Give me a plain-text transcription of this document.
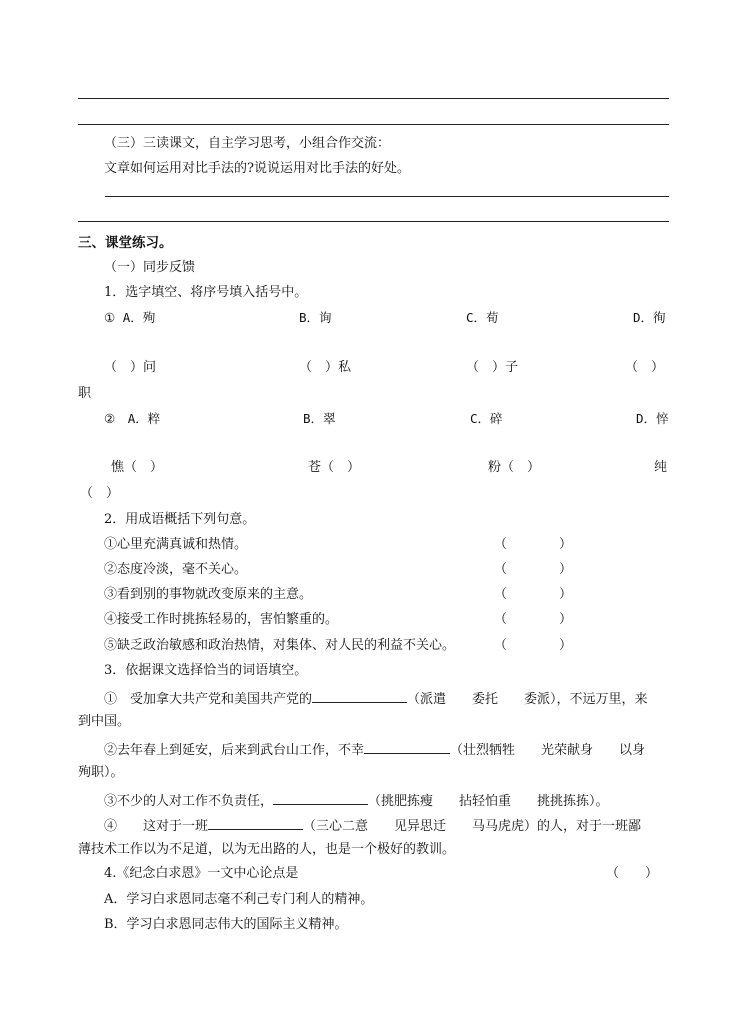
（三）三读课文，自主学习思考，小组合作交流：
文章如何运用对比手法的?说说运用对比手法的好处。
三、课堂练习。
（一）同步反馈
1．选字填空、将序号填入括号中。
① A．殉	B．询	C．荀	D．徇
（　）问	（　）私	（　）子	（　）
职
②　A．粹	B．翠	C．碎	D．悴
憔（　）	苍（　）	粉（　）	纯
（　）
2．用成语概括下列句意。
①心里充满真诚和热情。	（　　　　）
②态度冷淡，毫不关心。	（　　　　）
③看到别的事物就改变原来的主意。	（　　　　）
④接受工作时挑拣轻易的，害怕繁重的。	（　　　　）
⑤缺乏政治敏感和政治热情，对集体、对人民的利益不关心。	（　　　　）
3．依据课文选择恰当的词语填空。
①　受加拿大共产党和美国共产党的	（派遣　　委托　　委派），不远万里，来
到中国。
②去年春上到延安，后来到武台山工作，不幸	（壮烈牺牲　　光荣献身　　以身
殉职）。
③不少的人对工作不负责任，	（挑肥拣瘦　　拈轻怕重　　挑挑拣拣）。
④　　这对于一班	（三心二意　　见异思迁　　马马虎虎）的人，对于一班鄙
薄技术工作以为不足道，以为无出路的人，也是一个极好的教训。
4.《纪念白求恩》一文中心论点是	（　　）
A．学习白求恩同志毫不利己专门利人的精神。
B．学习白求恩同志伟大的国际主义精神。
